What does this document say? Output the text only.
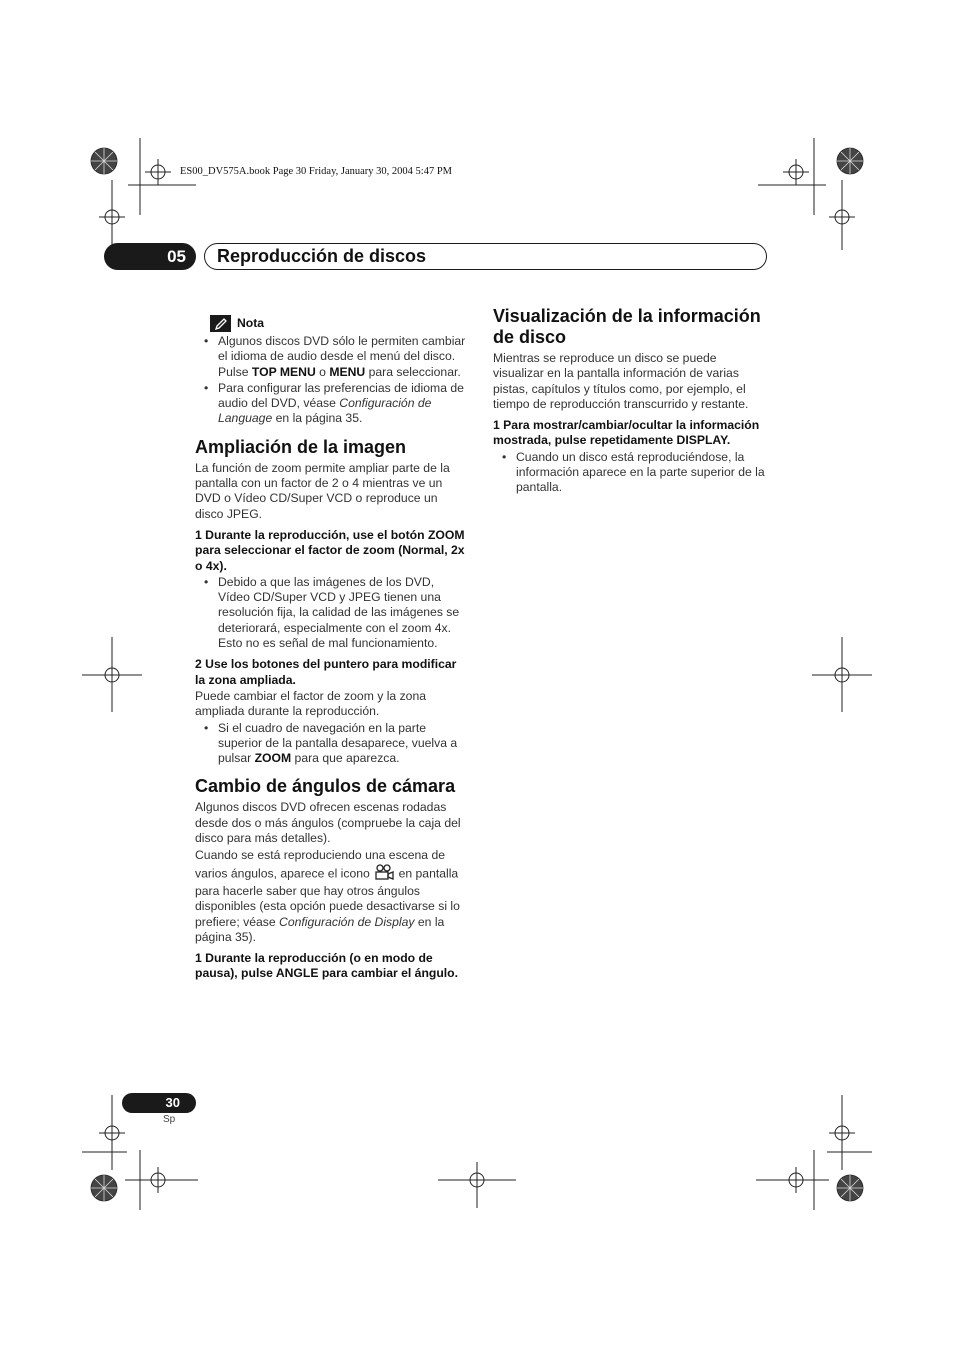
ES00_DV575A.book Page 30 Friday, January 30, 2004 5:47 PM
05	Reproducción de discos
Nota
• Algunos discos DVD sólo le permiten cambiar el idioma de audio desde el menú del disco. Pulse TOP MENU o MENU para seleccionar.
• Para configurar las preferencias de idioma de audio del DVD, véase Configuración de Language en la página 35.
Ampliación de la imagen

La función de zoom permite ampliar parte de la pantalla con un factor de 2 o 4 mientras ve un DVD o Vídeo CD/Super VCD o reproduce un disco JPEG.

1 Durante la reproducción, use el botón ZOOM para seleccionar el factor de zoom (Normal, 2x o 4x).

• Debido a que las imágenes de los DVD, Vídeo CD/Super VCD y JPEG tienen una resolución fija, la calidad de las imágenes se deteriorará, especialmente con el zoom 4x. Esto no es señal de mal funcionamiento.

2 Use los botones del puntero para modificar la zona ampliada.

Puede cambiar el factor de zoom y la zona ampliada durante la reproducción.

• Si el cuadro de navegación en la parte superior de la pantalla desaparece, vuelva a pulsar ZOOM para que aparezca.
Cambio de ángulos de cámara

Algunos discos DVD ofrecen escenas rodadas desde dos o más ángulos (compruebe la caja del disco para más detalles).

Cuando se está reproduciendo una escena de varios ángulos, aparece el icono  en pantalla para hacerle saber que hay otros ángulos disponibles (esta opción puede desactivarse si lo prefiere; véase Configuración de Display en la página 35).

1 Durante la reproducción (o en modo de pausa), pulse ANGLE para cambiar el ángulo.

Visualización de la información de disco

Mientras se reproduce un disco se puede visualizar en la pantalla información de varias pistas, capítulos y títulos como, por ejemplo, el tiempo de reproducción transcurrido y restante.

1 Para mostrar/cambiar/ocultar la información mostrada, pulse repetidamente DISPLAY.

• Cuando un disco está reproduciéndose, la información aparece en la parte superior de la pantalla.
30
Sp
